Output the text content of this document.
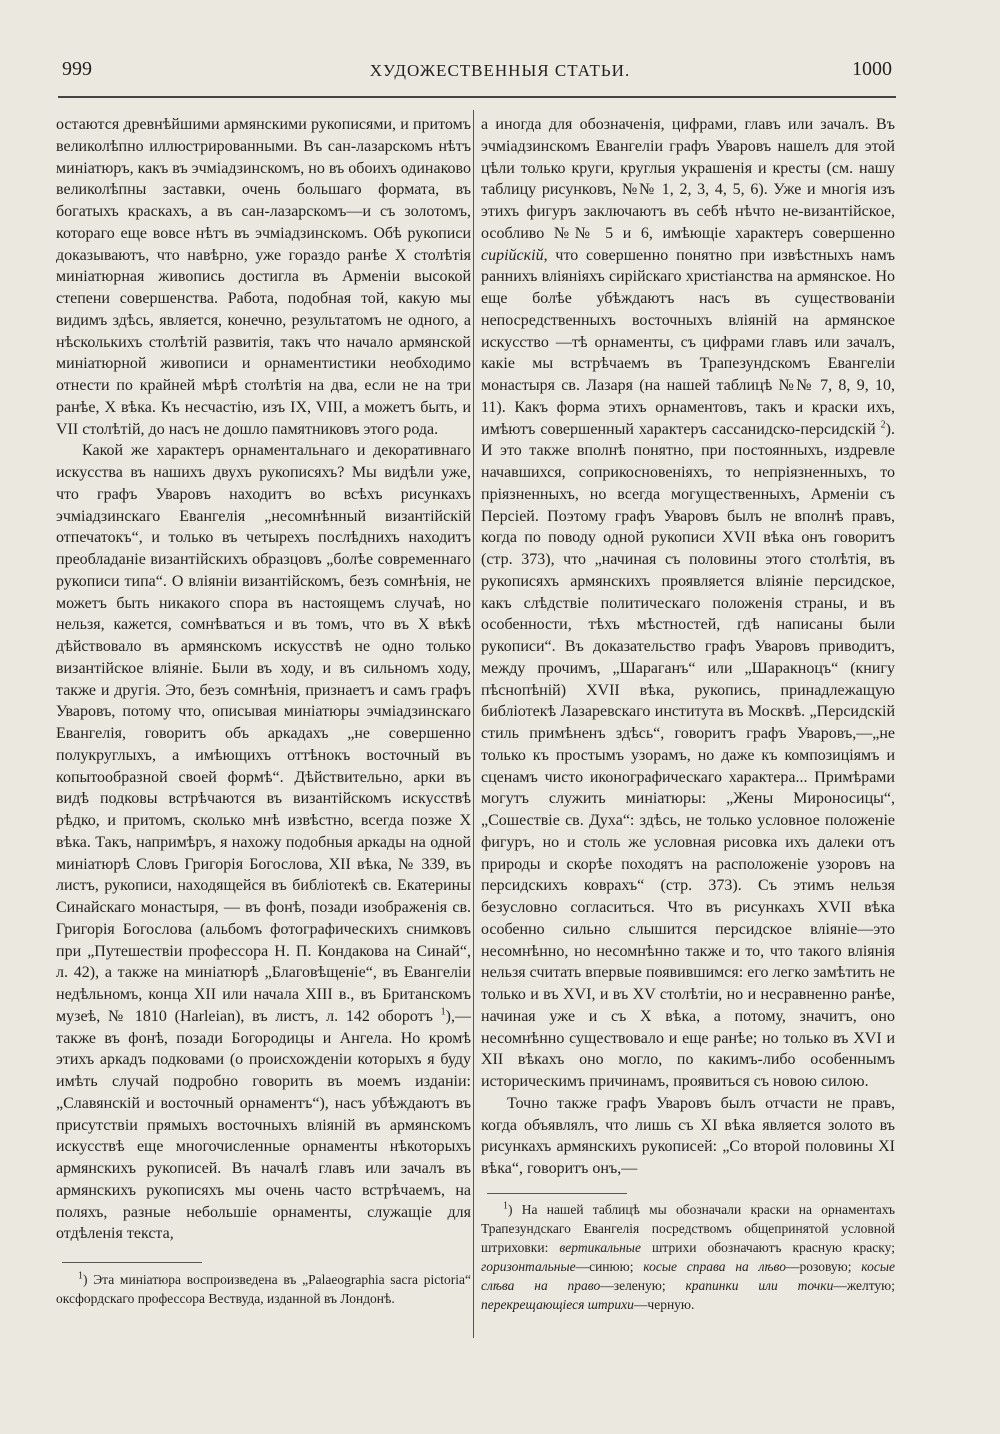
ХУДОЖЕСТВЕННЫЯ СТАТЬИ.
999	1000

остаются древнѣйшими армянскими рукописями, и притомъ великолѣпно иллюстрированными. Въ сан-лазарскомъ нѣтъ миніатюръ, какъ въ эчміадзинскомъ, но въ обоихъ одинаково великолѣпны заставки, очень большаго формата, въ богатыхъ краскахъ, а въ сан-лазарскомъ—и съ золотомъ, котораго еще вовсе нѣтъ въ эчміадзинскомъ. Обѣ рукописи доказываютъ, что навѣрно, уже гораздо ранѣе X столѣтія миніатюрная живопись достигла въ Арменіи высокой степени совершенства. Работа, подобная той, какую мы видимъ здѣсь, является, конечно, результатомъ не одного, а нѣсколькихъ столѣтій развитія, такъ что начало армянской миніатюрной живописи и орнаментистики необходимо отнести по крайней мѣрѣ столѣтія на два, если не на три ранѣе, X вѣка. Къ несчастію, изъ IX, VIII, а можетъ быть, и VII столѣтій, до насъ не дошло памятниковъ этого рода.

Какой же характеръ орнаментальнаго и декоративнаго искусства въ нашихъ двухъ рукописяхъ? Мы видѣли уже, что графъ Уваровъ находитъ во всѣхъ рисункахъ эчміадзинскаго Евангелія „несомнѣнный византійскій отпечатокъ“, и только въ четырехъ послѣднихъ находитъ преобладаніе византійскихъ образцовъ „болѣе современнаго рукописи типа“. О вліяніи византійскомъ, безъ сомнѣнія, не можетъ быть никакого спора въ настоящемъ случаѣ, но нельзя, кажется, сомнѣваться и въ томъ, что въ X вѣкѣ дѣйствовало въ армянскомъ искусствѣ не одно только византійское вліяніе. Были въ ходу, и въ сильномъ ходу, также и другія. Это, безъ сомнѣнія, признаетъ и самъ графъ Уваровъ, потому что, описывая миніатюры эчміадзинскаго Евангелія, говоритъ объ аркадахъ „не совершенно полукруглыхъ, а имѣющихъ оттѣнокъ восточный въ копытообразной своей формѣ“. Дѣйствительно, арки въ видѣ подковы встрѣчаются въ византійскомъ искусствѣ рѣдко, и притомъ, сколько мнѣ извѣстно, всегда позже X вѣка. Такъ, напримѣръ, я нахожу подобныя аркады на одной миніатюрѣ Словъ Григорія Богослова, XII вѣка, № 339, въ листъ, рукописи, находящейся въ библіотекѣ св. Екатерины Синайскаго монастыря, — въ фонѣ, позади изображенія св. Григорія Богослова (альбомъ фотографическихъ снимковъ при „Путешествіи профессора Н. П. Кондакова на Синай“, л. 42), а также на миніатюрѣ „Благовѣщеніе“, въ Евангеліи недѣльномъ, конца XII или начала XIII в., въ Британскомъ музеѣ, № 1810 (Harleian), въ листъ, л. 142 оборотъ $^1$),—также въ фонѣ, позади Богородицы и Ангела. Но кромѣ этихъ аркадъ подковами (о происхожденіи которыхъ я буду имѣть случай подробно говорить въ моемъ изданіи: „Славянскій и восточный орнаментъ“), насъ убѣждаютъ въ присутствіи прямыхъ восточныхъ вліяній въ армянскомъ искусствѣ еще многочисленные орнаменты нѣкоторыхъ армянскихъ рукописей. Въ началѣ главъ или зачалъ въ армянскихъ рукописяхъ мы очень часто встрѣчаемъ, на поляхъ, разные небольшіе орнаменты, служащіе для отдѣленія текста,

$^1$) Эта миніатюра воспроизведена въ „Palaeographia sacra pictoria“ оксфордскаго профессора Вествуда, изданной въ Лондонѣ.

а иногда для обозначенія, цифрами, главъ или зачалъ. Въ эчміадзинскомъ Евангеліи графъ Уваровъ нашелъ для этой цѣли только круги, круглыя украшенія и кресты (см. нашу таблицу рисунковъ, №№ 1, 2, 3, 4, 5, 6). Уже и многія изъ этихъ фигуръ заключаютъ въ себѣ нѣчто не-византійское, особливо №№ 5 и 6, имѣющіе характеръ совершенно сирійскій, что совершенно понятно при извѣстныхъ намъ раннихъ вліяніяхъ сирійскаго христіанства на армянское. Но еще болѣе убѣждаютъ насъ въ существованіи непосредственныхъ восточныхъ вліяній на армянское искусство —тѣ орнаменты, съ цифрами главъ или зачалъ, какіе мы встрѣчаемъ въ Трапезундскомъ Евангеліи монастыря св. Лазаря (на нашей таблицѣ №№ 7, 8, 9, 10, 11). Какъ форма этихъ орнаментовъ, такъ и краски ихъ, имѣютъ совершенный характеръ сассанидско-персидскій $^2$). И это также вполнѣ понятно, при постоянныхъ, издревле начавшихся, соприкосновеніяхъ, то непріязненныхъ, то пріязненныхъ, но всегда могущественныхъ, Арменіи съ Персіей. Поэтому графъ Уваровъ былъ не вполнѣ правъ, когда по поводу одной рукописи XVII вѣка онъ говоритъ (стр. 373), что „начиная съ половины этого столѣтія, въ рукописяхъ армянскихъ проявляется вліяніе персидское, какъ слѣдствіе политическаго положенія страны, и въ особенности, тѣхъ мѣстностей, гдѣ написаны были рукописи“. Въ доказательство графъ Уваровъ приводитъ, между прочимъ, „Шараганъ“ или „Шаракноцъ“ (книгу пѣснопѣній) XVII вѣка, рукопись, принадлежащую библіотекѣ Лазаревскаго института въ Москвѣ. „Персидскій стиль примѣненъ здѣсь“, говоритъ графъ Уваровъ,—„не только къ простымъ узорамъ, но даже къ композиціямъ и сценамъ чисто иконографическаго характера... Примѣрами могутъ служить миніатюры: „Жены Мироносицы“, „Сошествіе св. Духа“: здѣсь, не только условное положеніе фигуръ, но и столь же условная рисовка ихъ далеки отъ природы и скорѣе походятъ на расположеніе узоровъ на персидскихъ коврахъ“ (стр. 373). Съ этимъ нельзя безусловно согласиться. Что въ рисункахъ XVII вѣка особенно сильно слышится персидское вліяніе—это несомнѣнно, но несомнѣнно также и то, что такого вліянія нельзя считать впервые появившимся: его легко замѣтить не только и въ XVI, и въ XV столѣтіи, но и несравненно ранѣе, начиная уже и съ X вѣка, а потому, значитъ, оно несомнѣнно существовало и еще ранѣе; но только въ XVI и XII вѣкахъ оно могло, по какимъ-либо особеннымъ историческимъ причинамъ, проявиться съ новою силою.

Точно также графъ Уваровъ былъ отчасти не правъ, когда объявлялъ, что лишь съ XI вѣка является золото въ рисункахъ армянскихъ рукописей: „Со второй половины XI вѣка“, говоритъ онъ,—

$^1$) На нашей таблицѣ мы обозначали краски на орнаментахъ Трапезундскаго Евангелія посредствомъ общепринятой условной штриховки: вертикальные штрихи обозначаютъ красную краску; горизонтальные—синюю; косые справа на лѣво—розовую; косые слѣва на право—зеленую; крапинки или точки—желтую; перекрещающіеся штрихи—черную.
